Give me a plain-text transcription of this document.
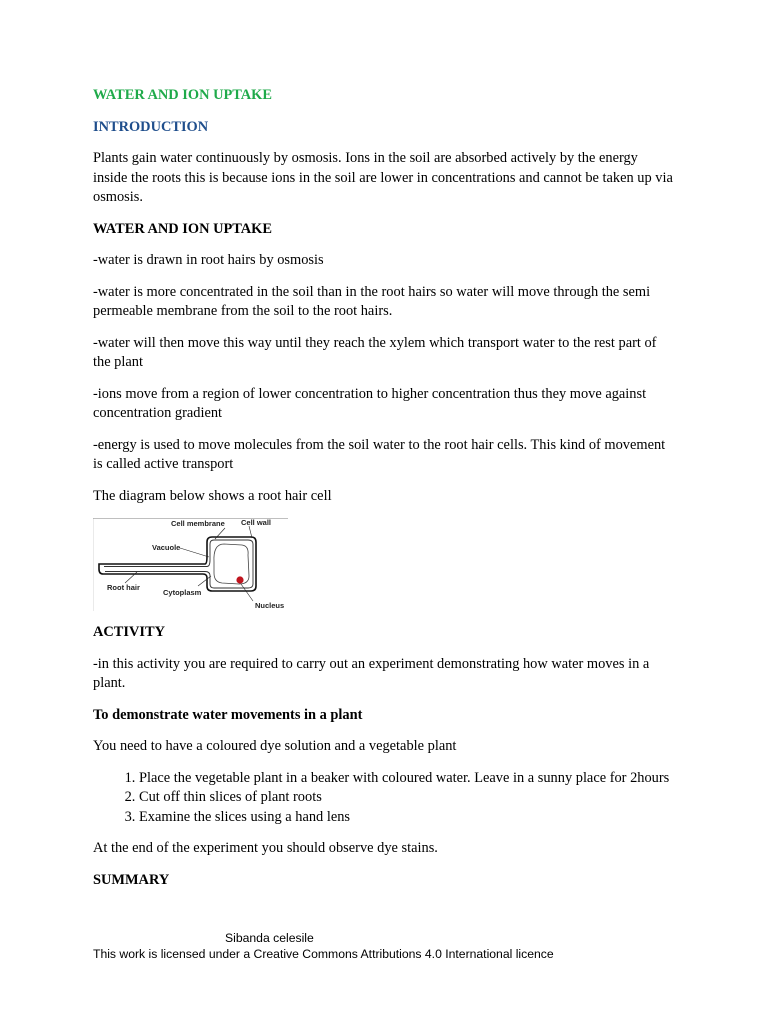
WATER AND ION UPTAKE
INTRODUCTION

Plants gain water continuously by osmosis. Ions in the soil are absorbed actively by the energy inside the roots this is because ions in the soil are lower in concentrations and cannot be taken up via osmosis.

WATER AND ION UPTAKE

-water is drawn in root hairs by osmosis

-water is more concentrated in the soil than in the root hairs so water will move through the semi permeable membrane from the soil to the root hairs.

-water will then move this way until they reach the xylem which transport water to the rest part of the plant

-ions move from a region of lower concentration to higher concentration thus they move against concentration gradient

-energy is used to move molecules from the soil water to the root hair cells. This kind of movement is called active transport

The diagram below shows a root hair cell

Cell membrane Cell wall
Vacuole
Root hair
Cytoplasm
Nucleus
ACTIVITY

-in this activity you are required to carry out an experiment demonstrating how water moves in a plant.

To demonstrate water movements in a plant

You need to have a coloured dye solution and a vegetable plant

1. Place the vegetable plant in a beaker with coloured water. Leave in a sunny place for 2hours
2. Cut off thin slices of plant roots
3. Examine the slices using a hand lens

At the end of the experiment you should observe dye stains.

SUMMARY
Sibanda celesile
This work is licensed under a Creative Commons Attributions 4.0 International licence
